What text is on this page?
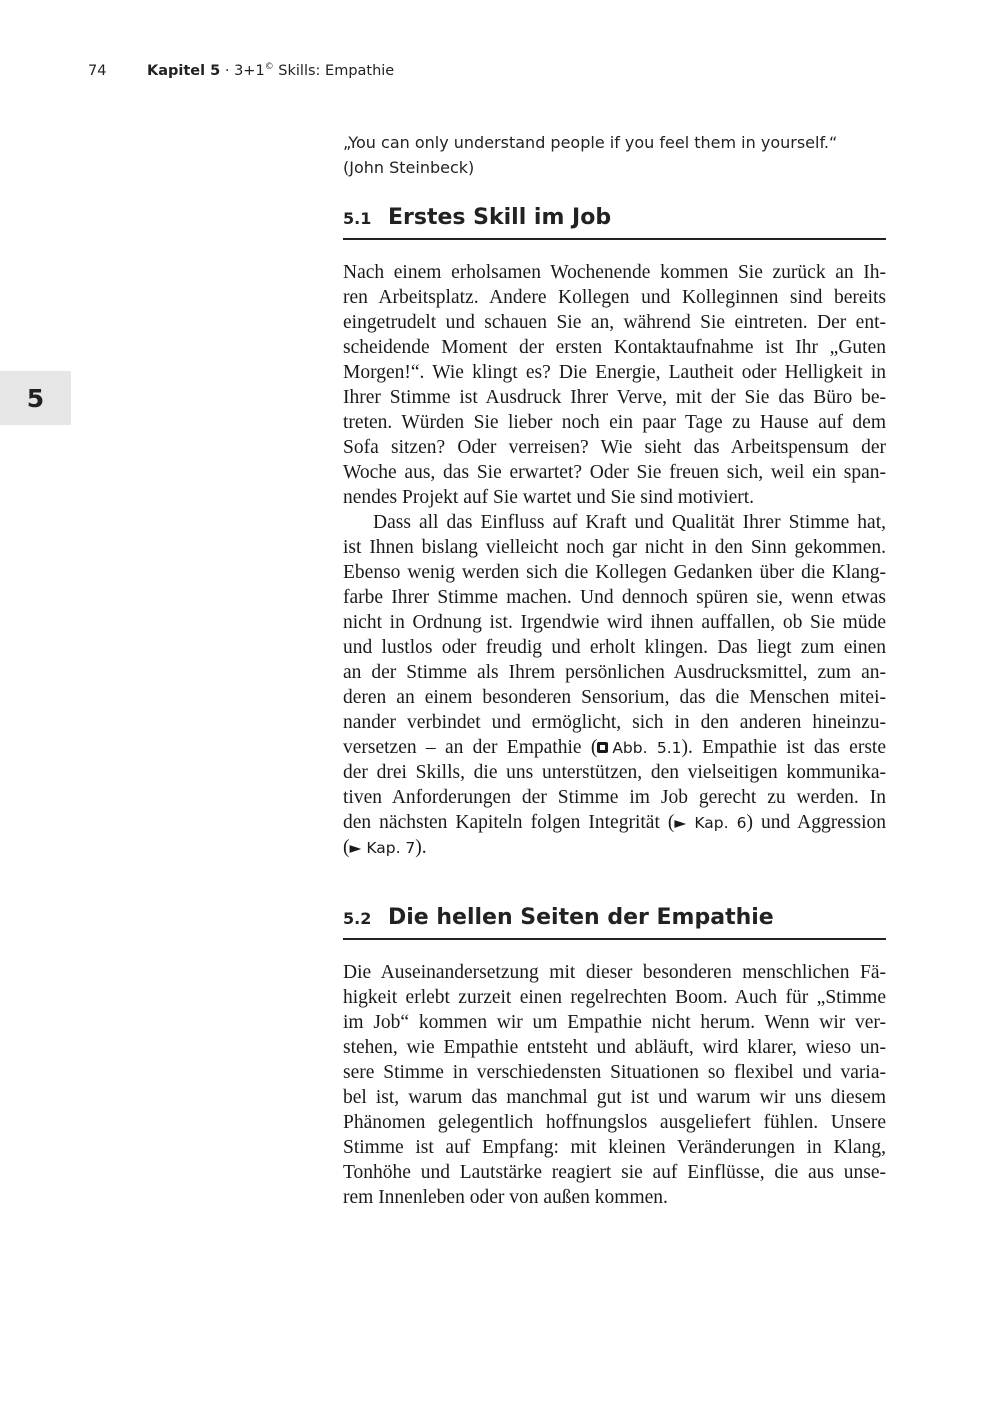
74	Kapitel 5 · 3+1© Skills: Empathie
5
„You can only understand people if you feel them in yourself.“
(John Steinbeck)
5.1 Erstes Skill im Job
Nach einem erholsamen Wochenende kommen Sie zurück an Ih-
ren Arbeitsplatz. Andere Kollegen und Kolleginnen sind bereits
eingetrudelt und schauen Sie an, während Sie eintreten. Der ent-
scheidende Moment der ersten Kontaktaufnahme ist Ihr „Guten
Morgen!“. Wie klingt es? Die Energie, Lautheit oder Helligkeit in
Ihrer Stimme ist Ausdruck Ihrer Verve, mit der Sie das Büro be-
treten. Würden Sie lieber noch ein paar Tage zu Hause auf dem
Sofa sitzen? Oder verreisen? Wie sieht das Arbeitspensum der
Woche aus, das Sie erwartet? Oder Sie freuen sich, weil ein span-
nendes Projekt auf Sie wartet und Sie sind motiviert.
Dass all das Einfluss auf Kraft und Qualität Ihrer Stimme hat,
ist Ihnen bislang vielleicht noch gar nicht in den Sinn gekommen.
Ebenso wenig werden sich die Kollegen Gedanken über die Klang-
farbe Ihrer Stimme machen. Und dennoch spüren sie, wenn etwas
nicht in Ordnung ist. Irgendwie wird ihnen auffallen, ob Sie müde
und lustlos oder freudig und erholt klingen. Das liegt zum einen
an der Stimme als Ihrem persönlichen Ausdrucksmittel, zum an-
deren an einem besonderen Sensorium, das die Menschen mitei-
nander verbindet und ermöglicht, sich in den anderen hineinzu-
versetzen – an der Empathie ( Abb. 5.1). Empathie ist das erste
der drei Skills, die uns unterstützen, den vielseitigen kommunika-
tiven Anforderungen der Stimme im Job gerecht zu werden. In
den nächsten Kapiteln folgen Integrität (► Kap. 6) und Aggression
(► Kap. 7).
5.2 Die hellen Seiten der Empathie
Die Auseinandersetzung mit dieser besonderen menschlichen Fä-
higkeit erlebt zurzeit einen regelrechten Boom. Auch für „Stimme
im Job“ kommen wir um Empathie nicht herum. Wenn wir ver-
stehen, wie Empathie entsteht und abläuft, wird klarer, wieso un-
sere Stimme in verschiedensten Situationen so flexibel und varia-
bel ist, warum das manchmal gut ist und warum wir uns diesem
Phänomen gelegentlich hoffnungslos ausgeliefert fühlen. Unsere
Stimme ist auf Empfang: mit kleinen Veränderungen in Klang,
Tonhöhe und Lautstärke reagiert sie auf Einflüsse, die aus unse-
rem Innenleben oder von außen kommen.
